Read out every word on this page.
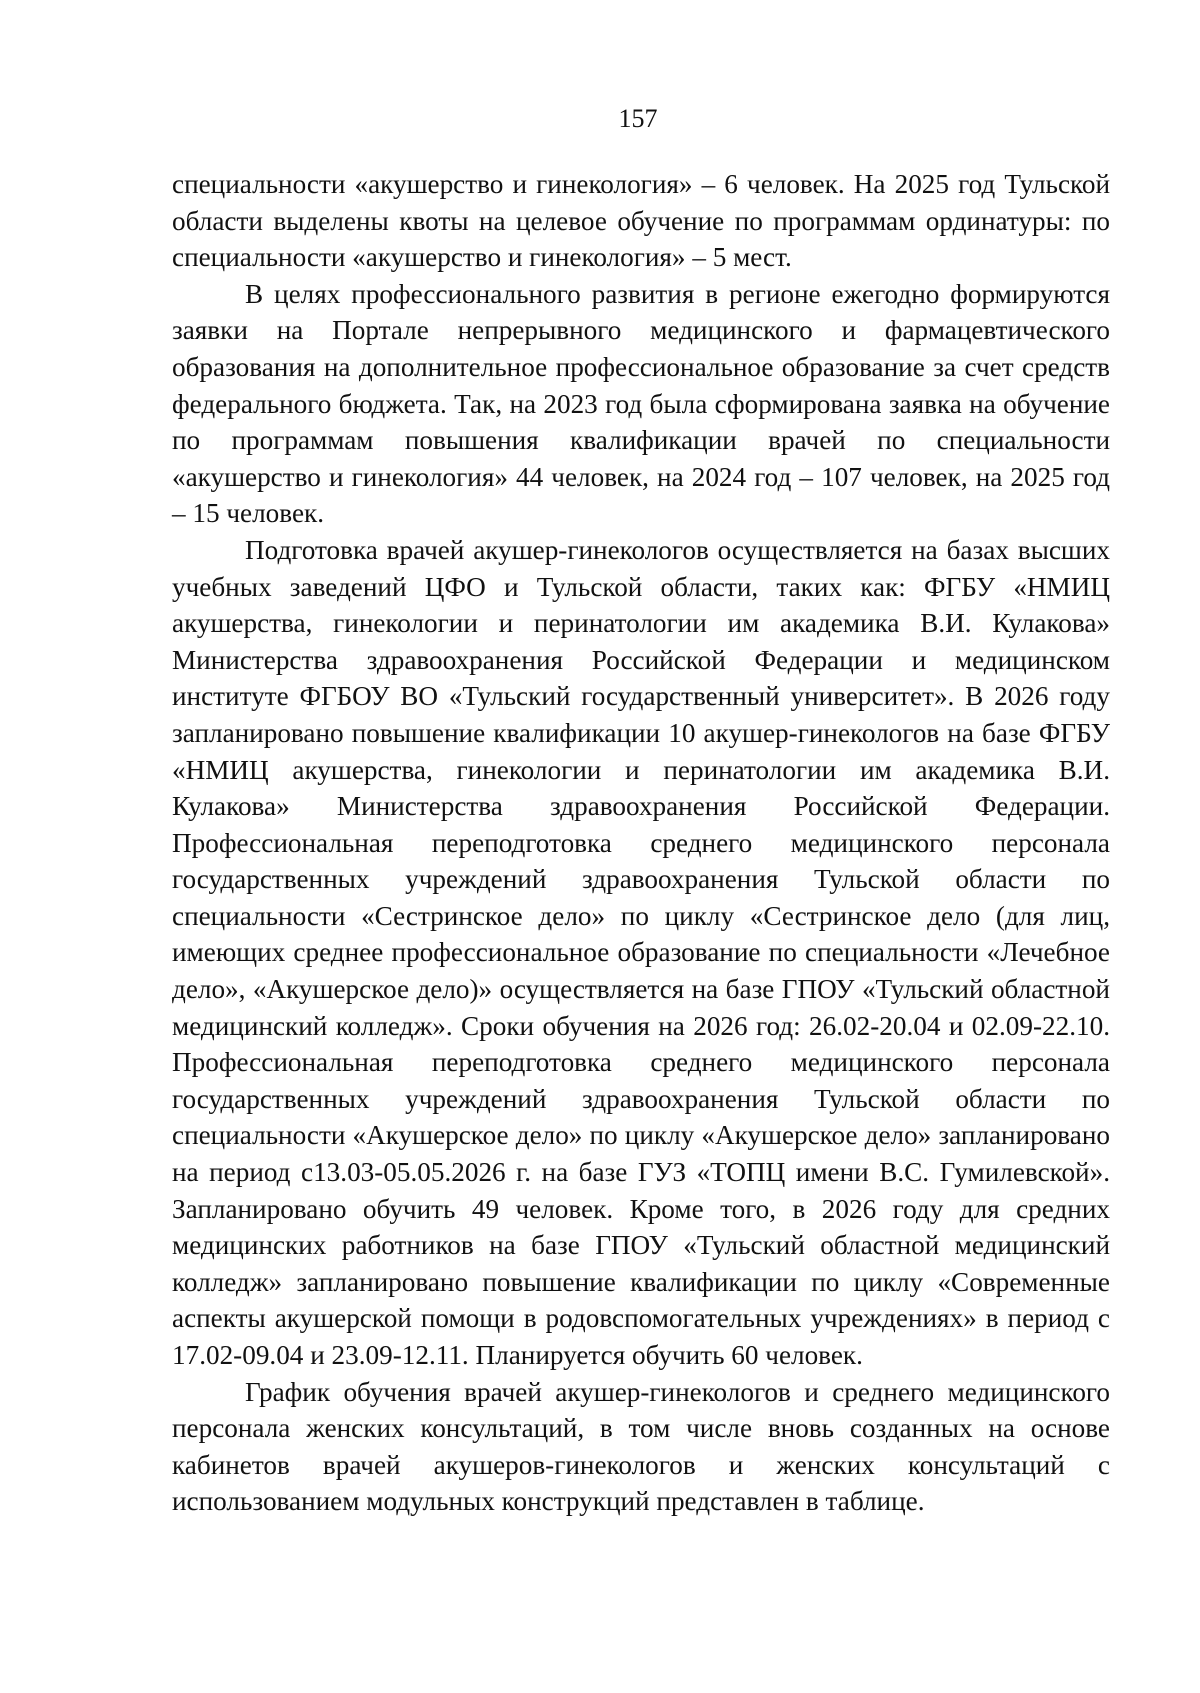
157

специальности «акушерство и гинекология» – 6 человек. На 2025 год Тульской области выделены квоты на целевое обучение по программам ординатуры: по специальности «акушерство и гинекология» – 5 мест.

В целях профессионального развития в регионе ежегодно формируются заявки на Портале непрерывного медицинского и фармацевтического образования на дополнительное профессиональное образование за счет средств федерального бюджета. Так, на 2023 год была сформирована заявка на обучение по программам повышения квалификации врачей по специальности «акушерство и гинекология» 44 человек, на 2024 год – 107 человек, на 2025 год – 15 человек.

Подготовка врачей акушер-гинекологов осуществляется на базах высших учебных заведений ЦФО и Тульской области, таких как: ФГБУ «НМИЦ акушерства, гинекологии и перинатологии им академика В.И. Кулакова» Министерства здравоохранения Российской Федерации и медицинском институте ФГБОУ ВО «Тульский государственный университет». В 2026 году запланировано повышение квалификации 10 акушер-гинекологов на базе ФГБУ «НМИЦ акушерства, гинекологии и перинатологии им академика В.И. Кулакова» Министерства здравоохранения Российской Федерации. Профессиональная переподготовка среднего медицинского персонала государственных учреждений здравоохранения Тульской области по специальности «Сестринское дело» по циклу «Сестринское дело (для лиц, имеющих среднее профессиональное образование по специальности «Лечебное дело», «Акушерское дело)» осуществляется на базе ГПОУ «Тульский областной медицинский колледж». Сроки обучения на 2026 год: 26.02-20.04 и 02.09-22.10. Профессиональная переподготовка среднего медицинского персонала государственных учреждений здравоохранения Тульской области по специальности «Акушерское дело» по циклу «Акушерское дело» запланировано на период с13.03-05.05.2026 г. на базе ГУЗ «ТОПЦ имени В.С. Гумилевской». Запланировано обучить 49 человек. Кроме того, в 2026 году для средних медицинских работников на базе ГПОУ «Тульский областной медицинский колледж» запланировано повышение квалификации по циклу «Современные аспекты акушерской помощи в родовспомогательных учреждениях» в период с 17.02-09.04 и 23.09-12.11. Планируется обучить 60 человек.

График обучения врачей акушер-гинекологов и среднего медицинского персонала женских консультаций, в том числе вновь созданных на основе кабинетов врачей акушеров-гинекологов и женских консультаций с использованием модульных конструкций представлен в таблице.
